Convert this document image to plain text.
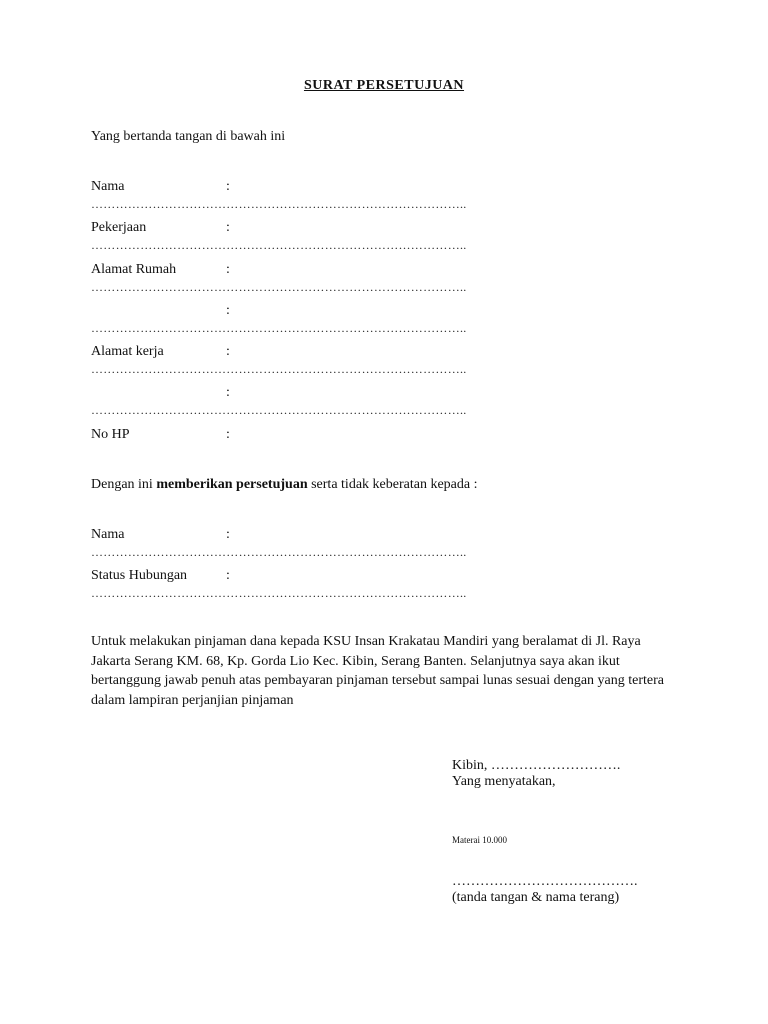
SURAT PERSETUJUAN
Yang bertanda tangan di bawah ini
Nama	:
………………………………………………………………………………..
Pekerjaan	:
………………………………………………………………………………..
Alamat Rumah	:
………………………………………………………………………………..
:
………………………………………………………………………………..
Alamat kerja	:
………………………………………………………………………………..
:
………………………………………………………………………………..
No HP	:
Dengan ini memberikan persetujuan serta tidak keberatan kepada :
Nama	:
………………………………………………………………………………..
Status Hubungan	:
………………………………………………………………………………..
Untuk melakukan pinjaman dana kepada KSU Insan Krakatau Mandiri yang beralamat di Jl. Raya Jakarta Serang KM. 68, Kp. Gorda Lio Kec. Kibin, Serang Banten. Selanjutnya saya akan ikut bertanggung jawab penuh atas pembayaran pinjaman tersebut sampai lunas sesuai dengan yang tertera dalam lampiran perjanjian pinjaman
Kibin, ……………………….
Yang menyatakan,
Materai 10.000
………………………………….
(tanda tangan & nama terang)
